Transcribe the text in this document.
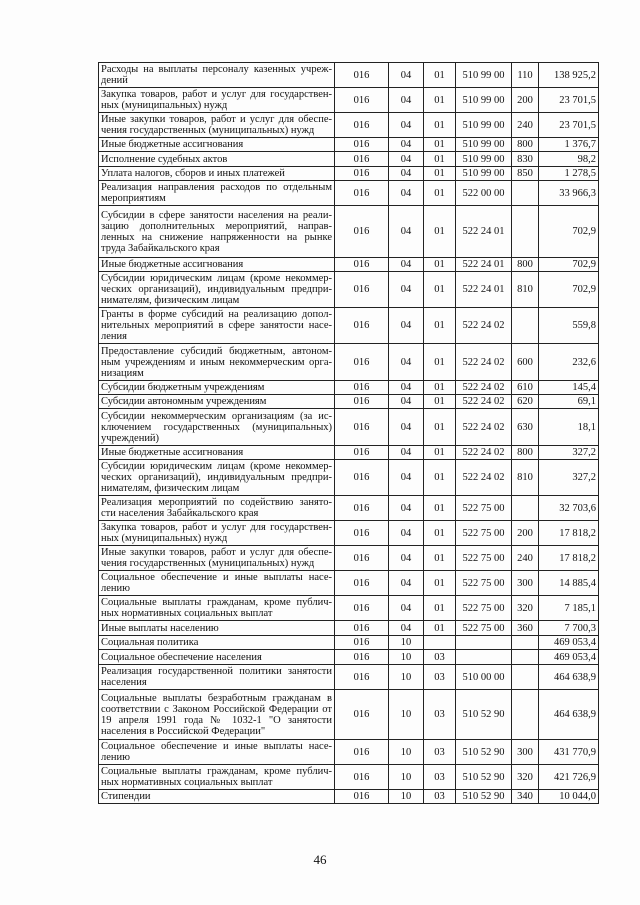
Расходы на выплаты персоналу казенных учреж-дений	016	04	01	510 99 00	110	138 925,2
Закупка товаров, работ и услуг для государствен-ных (муниципальных) нужд	016	04	01	510 99 00	200	23 701,5
Иные закупки товаров, работ и услуг для обеспе-чения государственных (муниципальных) нужд	016	04	01	510 99 00	240	23 701,5
Иные бюджетные ассигнования	016	04	01	510 99 00	800	1 376,7
Исполнение судебных актов	016	04	01	510 99 00	830	98,2
Уплата налогов, сборов и иных платежей	016	04	01	510 99 00	850	1 278,5
Реализация направления расходов по отдельным мероприятиям	016	04	01	522 00 00		33 966,3
Субсидии в сфере занятости населения на реали-зацию дополнительных мероприятий, направ-ленных на снижение напряженности на рынке труда Забайкальского края	016	04	01	522 24 01		702,9
Иные бюджетные ассигнования	016	04	01	522 24 01	800	702,9
Субсидии юридическим лицам (кроме некоммер-ческих организаций), индивидуальным предпри-нимателям, физическим лицам	016	04	01	522 24 01	810	702,9
Гранты в форме субсидий на реализацию допол-нительных мероприятий в сфере занятости насе-ления	016	04	01	522 24 02		559,8
Предоставление субсидий бюджетным, автоном-ным учреждениям и иным некоммерческим орга-низациям	016	04	01	522 24 02	600	232,6
Субсидии бюджетным учреждениям	016	04	01	522 24 02	610	145,4
Субсидии автономным учреждениям	016	04	01	522 24 02	620	69,1
Субсидии некоммерческим организациям (за ис-ключением государственных (муниципальных) учреждений)	016	04	01	522 24 02	630	18,1
Иные бюджетные ассигнования	016	04	01	522 24 02	800	327,2
Субсидии юридическим лицам (кроме некоммер-ческих организаций), индивидуальным предпри-нимателям, физическим лицам	016	04	01	522 24 02	810	327,2
Реализация мероприятий по содействию занято-сти населения Забайкальского края	016	04	01	522 75 00		32 703,6
Закупка товаров, работ и услуг для государствен-ных (муниципальных) нужд	016	04	01	522 75 00	200	17 818,2
Иные закупки товаров, работ и услуг для обеспе-чения государственных (муниципальных) нужд	016	04	01	522 75 00	240	17 818,2
Социальное обеспечение и иные выплаты насе-лению	016	04	01	522 75 00	300	14 885,4
Социальные выплаты гражданам, кроме публич-ных нормативных социальных выплат	016	04	01	522 75 00	320	7 185,1
Иные выплаты населению	016	04	01	522 75 00	360	7 700,3
Социальная политика	016	10				469 053,4
Социальное обеспечение населения	016	10	03			469 053,4
Реализация государственной политики занятости населения	016	10	03	510 00 00		464 638,9
Социальные выплаты безработным гражданам в соответствии с Законом Российской Федерации от 19 апреля 1991 года № 1032-1 "О занятости населения в Российской Федерации"	016	10	03	510 52 90		464 638,9
Социальное обеспечение и иные выплаты насе-лению	016	10	03	510 52 90	300	431 770,9
Социальные выплаты гражданам, кроме публич-ных нормативных социальных выплат	016	10	03	510 52 90	320	421 726,9
Стипендии	016	10	03	510 52 90	340	10 044,0
46
